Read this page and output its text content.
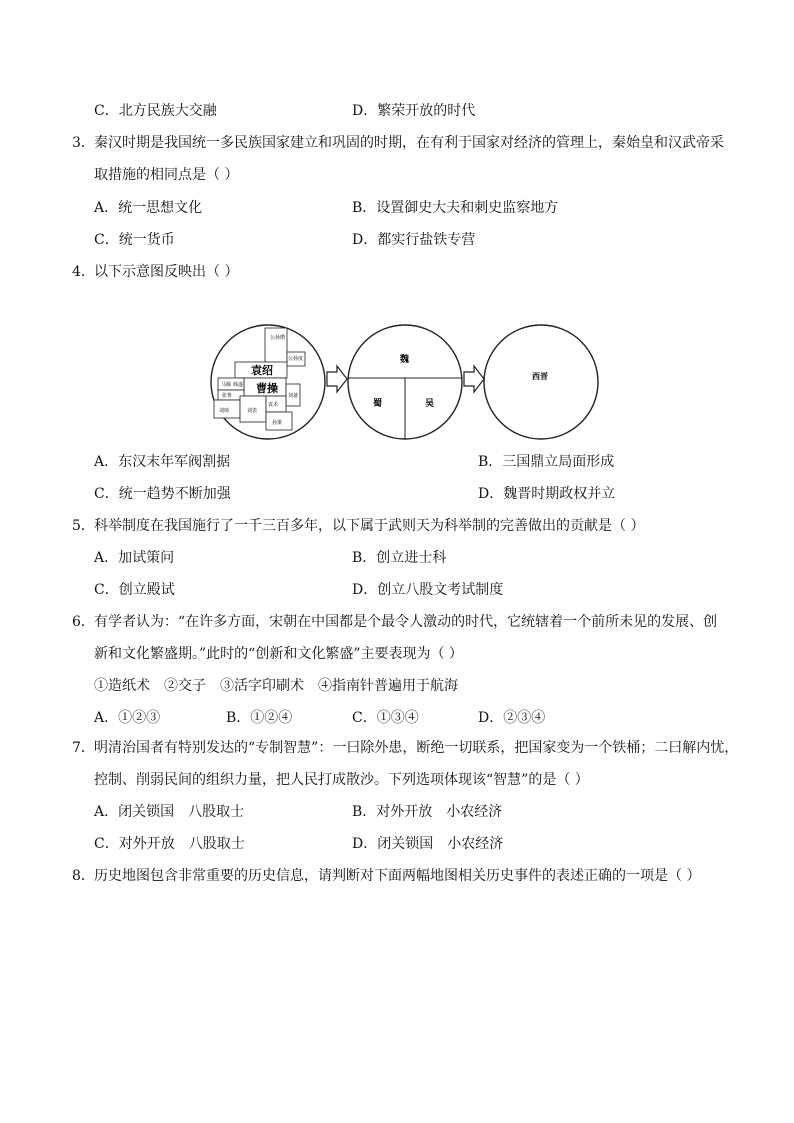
C．北方民族大交融	D．繁荣开放的时代
3． 秦汉时期是我国统一多民族国家建立和巩固的时期，在有利于国家对经济的管理上，秦始皇和汉武帝采
取措施的相同点是（ ）
A．统一思想文化	B．设置御史大夫和刺史监察地方
C．统一货币	D．都实行盐铁专营
4． 以下示意图反映出（ ）
袁绍
曹操
公孙瓒
公孙度
马腾 韩遂
张鲁
刘璋	刘表
袁术
孙策
刘备
魏
蜀	吴
西晋
A．东汉末年军阀割据	B．三国鼎立局面形成
C．统一趋势不断加强	D．魏晋时期政权并立
5． 科举制度在我国施行了一千三百多年，以下属于武则天为科举制的完善做出的贡献是（ ）
A．加试策问	B．创立进士科
C．创立殿试	D．创立八股文考试制度
6． 有学者认为：“在许多方面，宋朝在中国都是个最令人激动的时代，它统辖着一个前所未见的发展、创
新和文化繁盛期。”此时的“创新和文化繁盛”主要表现为（ ）
①造纸术　②交子　③活字印刷术　④指南针普遍用于航海
A．①②③	B．①②④	C．①③④	D．②③④
7． 明清治国者有特别发达的“专制智慧”：一曰除外患，断绝一切联系，把国家变为一个铁桶；二曰解内忧，
控制、削弱民间的组织力量，把人民打成散沙。下列选项体现该“智慧”的是（ ）
A．闭关锁国　八股取士	B．对外开放　小农经济
C．对外开放　八股取士	D．闭关锁国　小农经济
8． 历史地图包含非常重要的历史信息，请判断对下面两幅地图相关历史事件的表述正确的一项是（ ）
